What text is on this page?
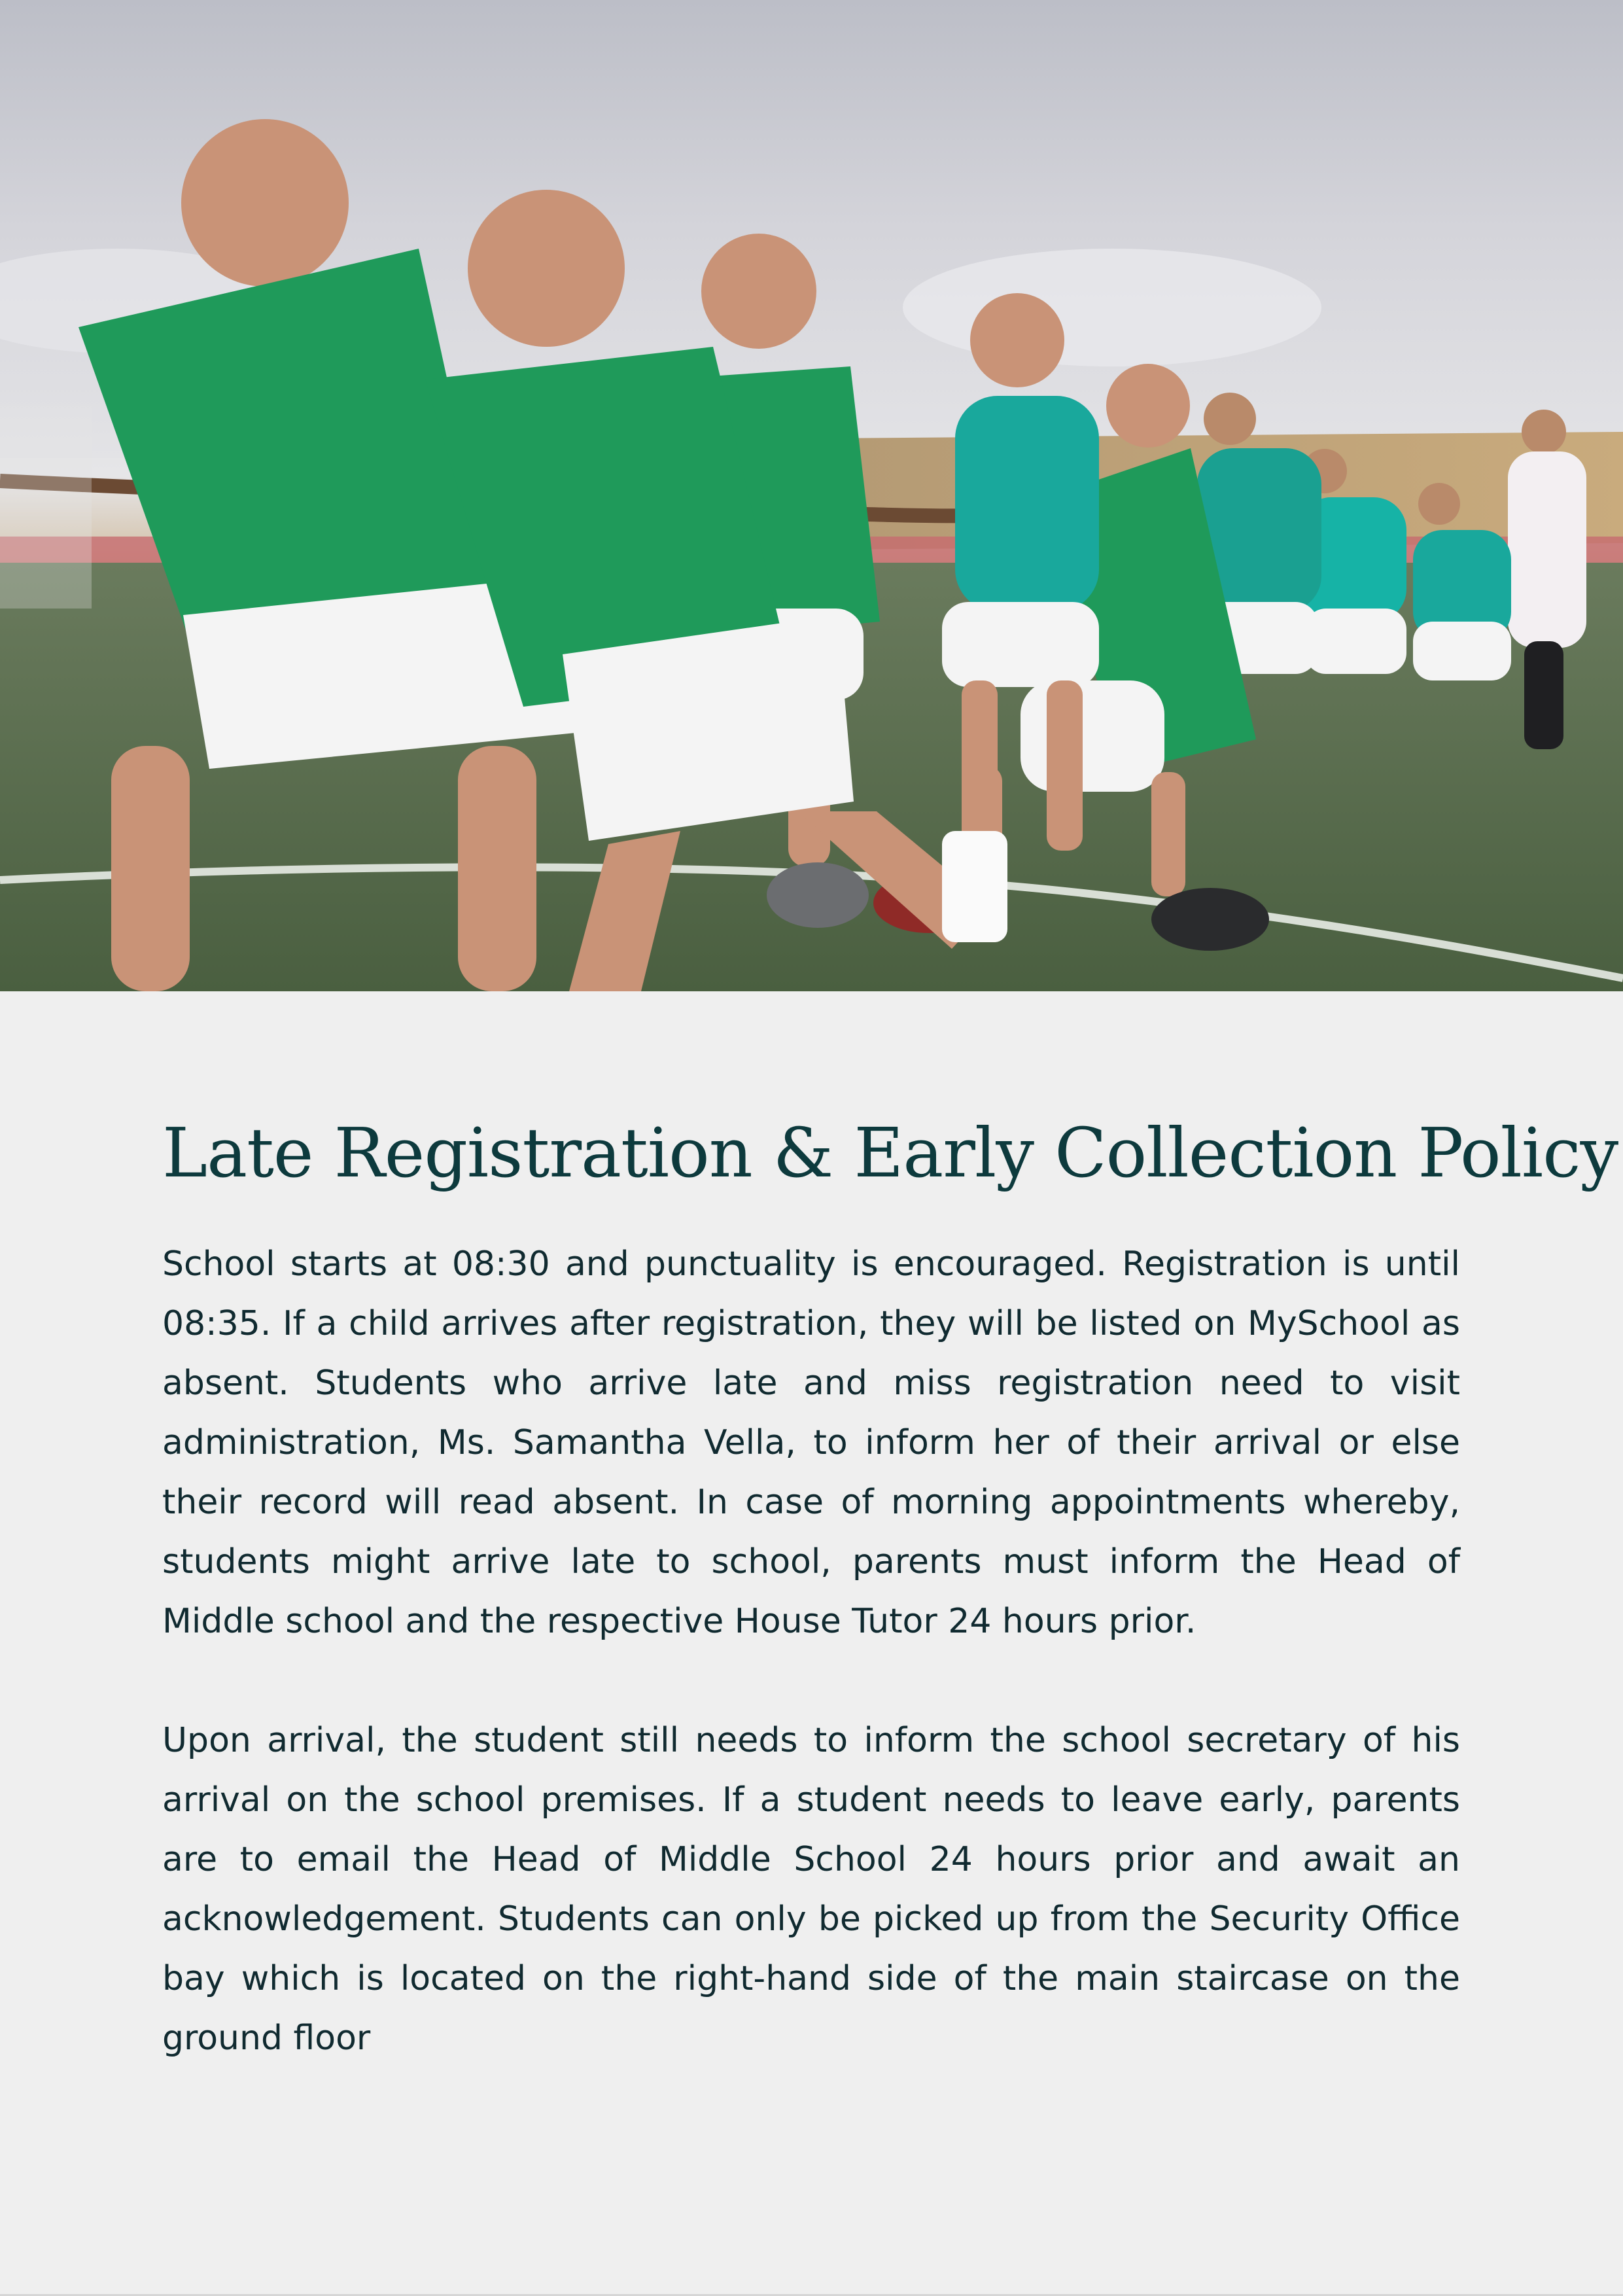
Late Registration & Early Collection Policy

School starts at 08:30 and punctuality is encouraged. Registration is until 08:35. If a child arrives after registration, they will be listed on MySchool as absent. Students who arrive late and miss registration need to visit administration, Ms. Samantha Vella, to inform her of their arrival or else their record will read absent. In case of morning appointments whereby, students might arrive late to school, parents must inform the Head of Middle school and the respective House Tutor 24 hours prior.

Upon arrival, the student still needs to inform the school secretary of his arrival on the school premises. If a student needs to leave early, parents are to email the Head of Middle School 24 hours prior and await an acknowledgement. Students can only be picked up from the Security Office bay which is located on the right-hand side of the main staircase on the ground floor
